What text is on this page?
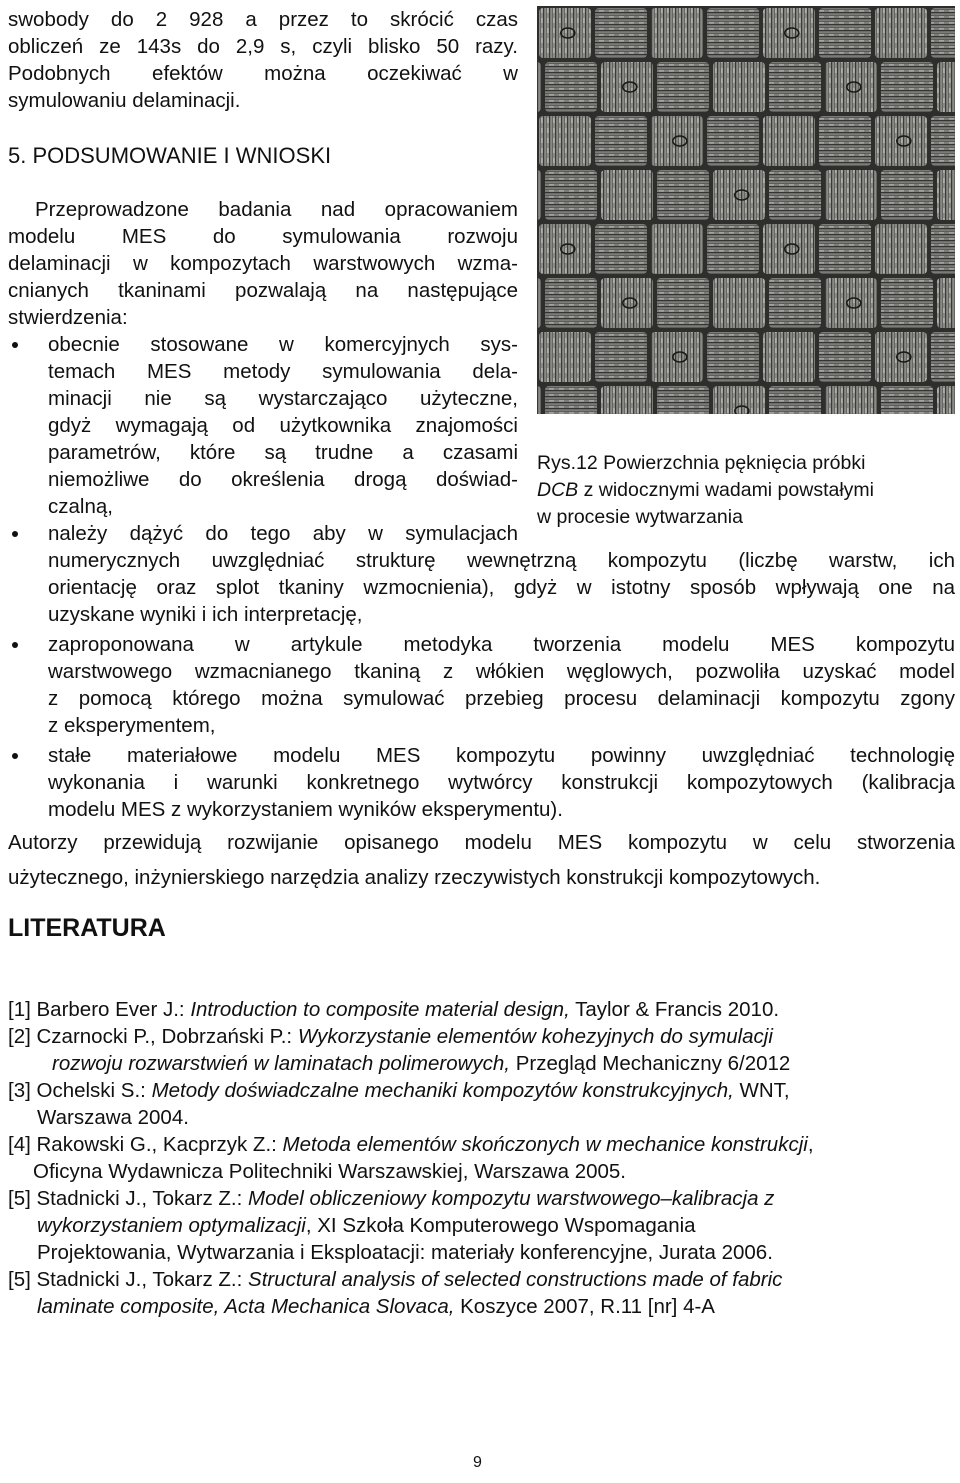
swobody do 2 928 a przez to skrócić czas
obliczeń ze 143s do 2,9 s, czyli blisko 50 razy.
Podobnych efektów można oczekiwać w
symulowaniu delaminacji.
5. PODSUMOWANIE I WNIOSKI
Przeprowadzone badania nad opracowaniem
modelu MES do symulowania rozwoju
delaminacji w kompozytach warstwowych wzma-
cnianych tkaninami pozwalają na następujące
stwierdzenia:
obecnie stosowane w komercyjnych sys-
temach MES metody symulowania dela-
minacji nie są wystarczająco użyteczne,
gdyż wymagają od użytkownika znajomości
parametrów, które są trudne a czasami
niemożliwe do określenia drogą doświad-
czalną,
Rys.12 Powierzchnia pęknięcia próbki
DCB z widocznymi wadami powstałymi
w procesie wytwarzania
należy dążyć do tego aby w symulacjach
numerycznych uwzględniać strukturę wewnętrzną kompozytu (liczbę warstw, ich
orientację oraz splot tkaniny wzmocnienia), gdyż w istotny sposób wpływają one na
uzyskane wyniki i ich interpretację,
zaproponowana w artykule metodyka tworzenia modelu MES kompozytu
warstwowego wzmacnianego tkaniną z włókien węglowych, pozwoliła uzyskać model
z pomocą którego można symulować przebieg procesu delaminacji kompozytu zgony
z eksperymentem,
stałe materiałowe modelu MES kompozytu powinny uwzględniać technologię
wykonania i warunki konkretnego wytwórcy konstrukcji kompozytowych (kalibracja
modelu MES z wykorzystaniem wyników eksperymentu).
Autorzy przewidują rozwijanie opisanego modelu MES kompozytu w celu stworzenia
użytecznego, inżynierskiego narzędzia analizy rzeczywistych konstrukcji kompozytowych.
LITERATURA
[1] Barbero Ever J.: Introduction to composite material design, Taylor & Francis 2010.
[2] Czarnocki P., Dobrzański P.: Wykorzystanie elementów kohezyjnych do symulacji
rozwoju rozwarstwień w laminatach polimerowych, Przegląd Mechaniczny 6/2012
[3] Ochelski S.: Metody doświadczalne mechaniki kompozytów konstrukcyjnych, WNT,
Warszawa 2004.
[4] Rakowski G., Kacprzyk Z.: Metoda elementów skończonych w mechanice konstrukcji,
Oficyna Wydawnicza Politechniki Warszawskiej, Warszawa 2005.
[5] Stadnicki J., Tokarz Z.: Model obliczeniowy kompozytu warstwowego–kalibracja z
wykorzystaniem optymalizacji, XI Szkoła Komputerowego Wspomagania
Projektowania, Wytwarzania i Eksploatacji: materiały konferencyjne, Jurata 2006.
[5] Stadnicki J., Tokarz Z.: Structural analysis of selected constructions made of fabric
laminate composite, Acta Mechanica Slovaca, Koszyce 2007, R.11 [nr] 4-A
9
